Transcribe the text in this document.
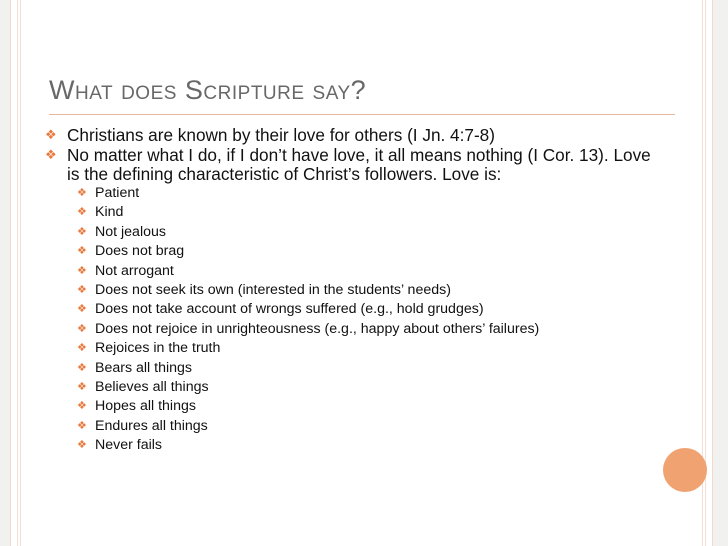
What does Scripture say?
❖ Christians are known by their love for others (I Jn. 4:7-8)
❖ No matter what I do, if I don’t have love, it all means nothing (I Cor. 13). Love is the defining characteristic of Christ’s followers. Love is:
❖ Patient
❖ Kind
❖ Not jealous
❖ Does not brag
❖ Not arrogant
❖ Does not seek its own (interested in the students’ needs)
❖ Does not take account of wrongs suffered (e.g., hold grudges)
❖ Does not rejoice in unrighteousness (e.g., happy about others’ failures)
❖ Rejoices in the truth
❖ Bears all things
❖ Believes all things
❖ Hopes all things
❖ Endures all things
❖ Never fails
